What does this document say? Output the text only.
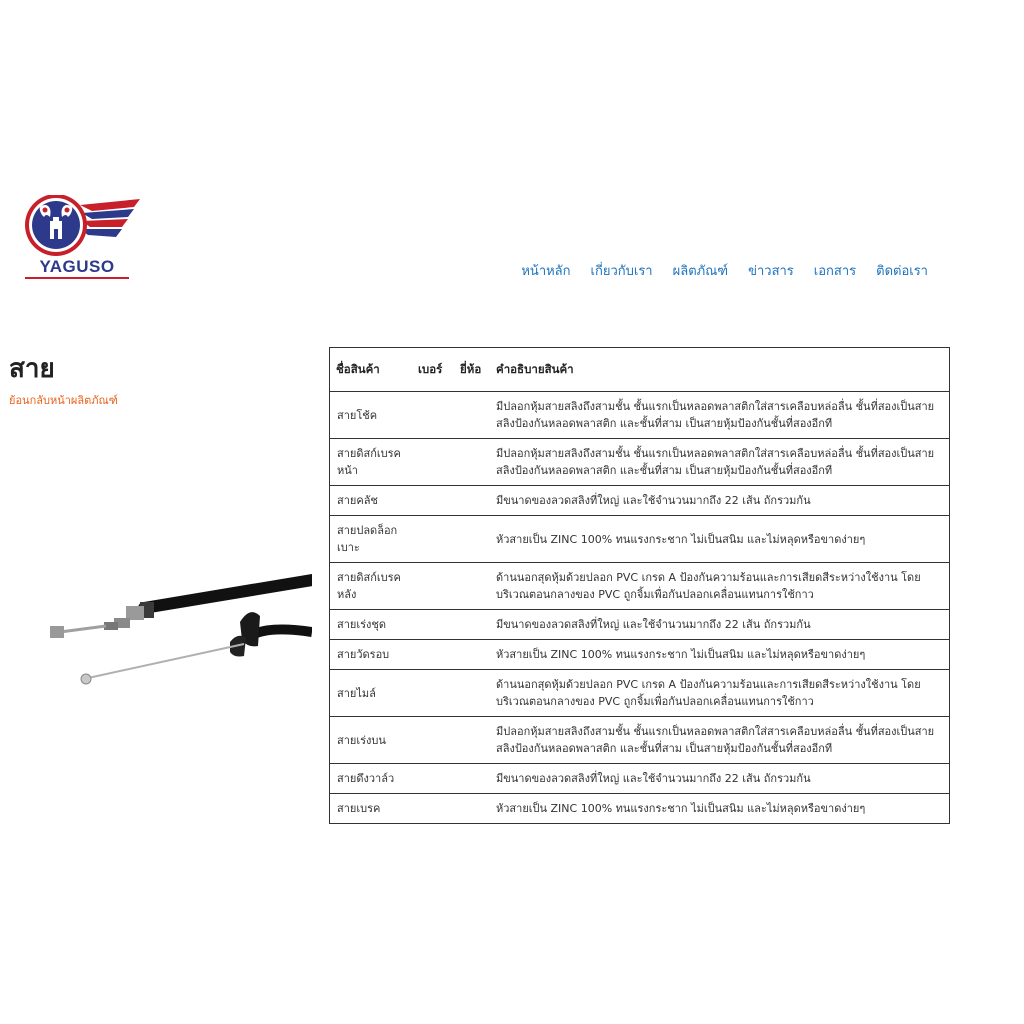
YAGUSO	หน้าหลัก เกี่ยวกับเรา ผลิตภัณฑ์ ข่าวสาร เอกสาร ติดต่อเรา
สาย
ย้อนกลับหน้าผลิตภัณฑ์
ชื่อสินค้า	เบอร์	ยี่ห้อ	คำอธิบายสินค้า
สายโช้ค			มีปลอกหุ้มสายสลิงถึงสามชั้น ชั้นแรกเป็นหลอดพลาสติกใส่สารเคลือบหล่อลื่น ชั้นที่สองเป็นสายสลิงป้องกันหลอดพลาสติก และชั้นที่สาม เป็นสายหุ้มป้องกันชั้นที่สองอีกที
สายดิสก์เบรคหน้า			มีปลอกหุ้มสายสลิงถึงสามชั้น ชั้นแรกเป็นหลอดพลาสติกใส่สารเคลือบหล่อลื่น ชั้นที่สองเป็นสายสลิงป้องกันหลอดพลาสติก และชั้นที่สาม เป็นสายหุ้มป้องกันชั้นที่สองอีกที
สายคลัช			มีขนาดของลวดสลิงที่ใหญ่ และใช้จำนวนมากถึง 22 เส้น ถักรวมกัน
สายปลดล็อกเบาะ			หัวสายเป็น ZINC 100% ทนแรงกระชาก ไม่เป็นสนิม และไม่หลุดหรือขาดง่ายๆ
สายดิสก์เบรคหลัง			ด้านนอกสุดหุ้มด้วยปลอก PVC เกรด A ป้องกันความร้อนและการเสียดสีระหว่างใช้งาน โดยบริเวณตอนกลางของ PVC ถูกจิ้มเพื่อกันปลอกเคลื่อนแทนการใช้กาว
สายเร่งชุด			มีขนาดของลวดสลิงที่ใหญ่ และใช้จำนวนมากถึง 22 เส้น ถักรวมกัน
สายวัดรอบ			หัวสายเป็น ZINC 100% ทนแรงกระชาก ไม่เป็นสนิม และไม่หลุดหรือขาดง่ายๆ
สายไมล์			ด้านนอกสุดหุ้มด้วยปลอก PVC เกรด A ป้องกันความร้อนและการเสียดสีระหว่างใช้งาน โดยบริเวณตอนกลางของ PVC ถูกจิ้มเพื่อกันปลอกเคลื่อนแทนการใช้กาว
สายเร่งบน			มีปลอกหุ้มสายสลิงถึงสามชั้น ชั้นแรกเป็นหลอดพลาสติกใส่สารเคลือบหล่อลื่น ชั้นที่สองเป็นสายสลิงป้องกันหลอดพลาสติก และชั้นที่สาม เป็นสายหุ้มป้องกันชั้นที่สองอีกที
สายดึงวาล์ว			มีขนาดของลวดสลิงที่ใหญ่ และใช้จำนวนมากถึง 22 เส้น ถักรวมกัน
สายเบรค			หัวสายเป็น ZINC 100% ทนแรงกระชาก ไม่เป็นสนิม และไม่หลุดหรือขาดง่ายๆ
